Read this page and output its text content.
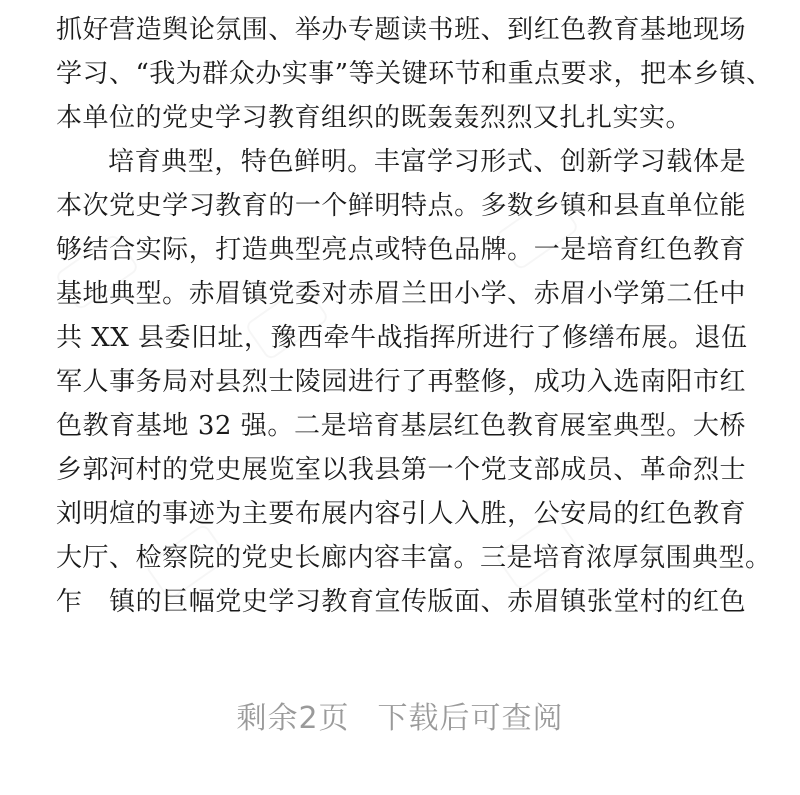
抓好营造舆论氛围、举办专题读书班、到红色教育基地现场
学习、“我为群众办实事”等关键环节和重点要求，把本乡镇、
本单位的党史学习教育组织的既轰轰烈烈又扎扎实实。
培育典型，特色鲜明。丰富学习形式、创新学习载体是
本次党史学习教育的一个鲜明特点。多数乡镇和县直单位能
够结合实际，打造典型亮点或特色品牌。一是培育红色教育
基地典型。赤眉镇党委对赤眉兰田小学、赤眉小学第二任中
共 XX 县委旧址，豫西牵牛战指挥所进行了修缮布展。退伍
军人事务局对县烈士陵园进行了再整修，成功入选南阳市红
色教育基地 32 强。二是培育基层红色教育展室典型。大桥
乡郭河村的党史展览室以我县第一个党支部成员、革命烈士
刘明煊的事迹为主要布展内容引人入胜，公安局的红色教育
大厅、检察院的党史长廊内容丰富。三是培育浓厚氛围典型。
乍　镇的巨幅党史学习教育宣传版面、赤眉镇张堂村的红色
剩余2页 下载后可查阅
